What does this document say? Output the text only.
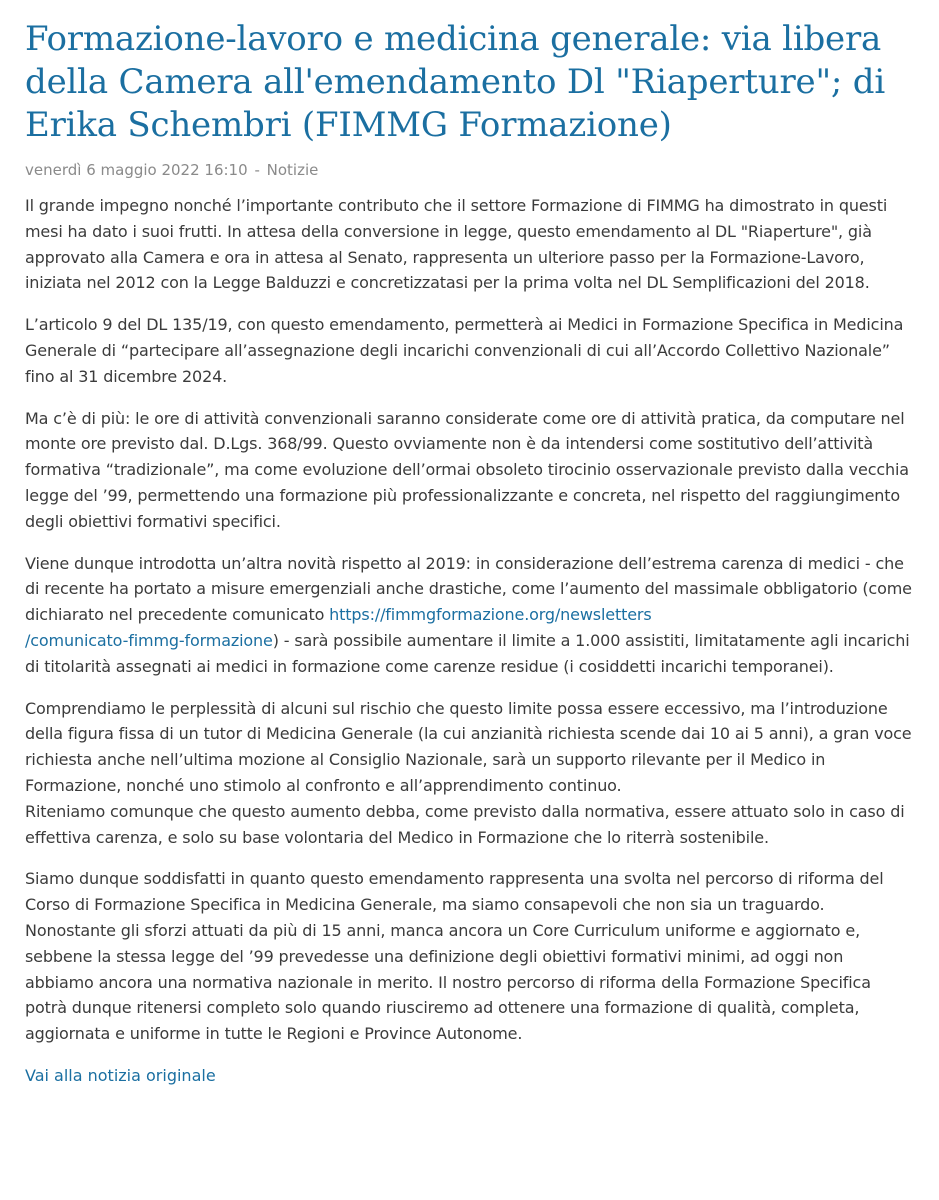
Formazione-lavoro e medicina generale: via libera della Camera all'emendamento Dl "Riaperture"; di Erika Schembri (FIMMG Formazione)
venerdì 6 maggio 2022 16:10 - Notizie

Il grande impegno nonché l’importante contributo che il settore Formazione di FIMMG ha dimostrato in questi mesi ha dato i suoi frutti. In attesa della conversione in legge, questo emendamento al DL "Riaperture", già approvato alla Camera e ora in attesa al Senato, rappresenta un ulteriore passo per la Formazione-Lavoro, iniziata nel 2012 con la Legge Balduzzi e concretizzatasi per la prima volta nel DL Semplificazioni del 2018.

L’articolo 9 del DL 135/19, con questo emendamento, permetterà ai Medici in Formazione Specifica in Medicina Generale di “partecipare all’assegnazione degli incarichi convenzionali di cui all’Accordo Collettivo Nazionale” fino al 31 dicembre 2024.

Ma c’è di più: le ore di attività convenzionali saranno considerate come ore di attività pratica, da computare nel monte ore previsto dal. D.Lgs. 368/99. Questo ovviamente non è da intendersi come sostitutivo dell’attività formativa “tradizionale”, ma come evoluzione dell’ormai obsoleto tirocinio osservazionale previsto dalla vecchia legge del ’99, permettendo una formazione più professionalizzante e concreta, nel rispetto del raggiungimento degli obiettivi formativi specifici.

Viene dunque introdotta un’altra novità rispetto al 2019: in considerazione dell’estrema carenza di medici - che di recente ha portato a misure emergenziali anche drastiche, come l’aumento del massimale obbligatorio (come dichiarato nel precedente comunicato https://fimmgformazione.org/newsletters
/comunicato-fimmg-formazione) - sarà possibile aumentare il limite a 1.000 assistiti, limitatamente agli incarichi di titolarità assegnati ai medici in formazione come carenze residue (i cosiddetti incarichi temporanei).

Comprendiamo le perplessità di alcuni sul rischio che questo limite possa essere eccessivo, ma l’introduzione della figura fissa di un tutor di Medicina Generale (la cui anzianità richiesta scende dai 10 ai 5 anni), a gran voce richiesta anche nell’ultima mozione al Consiglio Nazionale, sarà un supporto rilevante per il Medico in Formazione, nonché uno stimolo al confronto e all’apprendimento continuo.
Riteniamo comunque che questo aumento debba, come previsto dalla normativa, essere attuato solo in caso di effettiva carenza, e solo su base volontaria del Medico in Formazione che lo riterrà sostenibile.

Siamo dunque soddisfatti in quanto questo emendamento rappresenta una svolta nel percorso di riforma del Corso di Formazione Specifica in Medicina Generale, ma siamo consapevoli che non sia un traguardo. Nonostante gli sforzi attuati da più di 15 anni, manca ancora un Core Curriculum uniforme e aggiornato e, sebbene la stessa legge del ’99 prevedesse una definizione degli obiettivi formativi minimi, ad oggi non abbiamo ancora una normativa nazionale in merito. Il nostro percorso di riforma della Formazione Specifica potrà dunque ritenersi completo solo quando riusciremo ad ottenere una formazione di qualità, completa, aggiornata e uniforme in tutte le Regioni e Province Autonome.

Vai alla notizia originale
